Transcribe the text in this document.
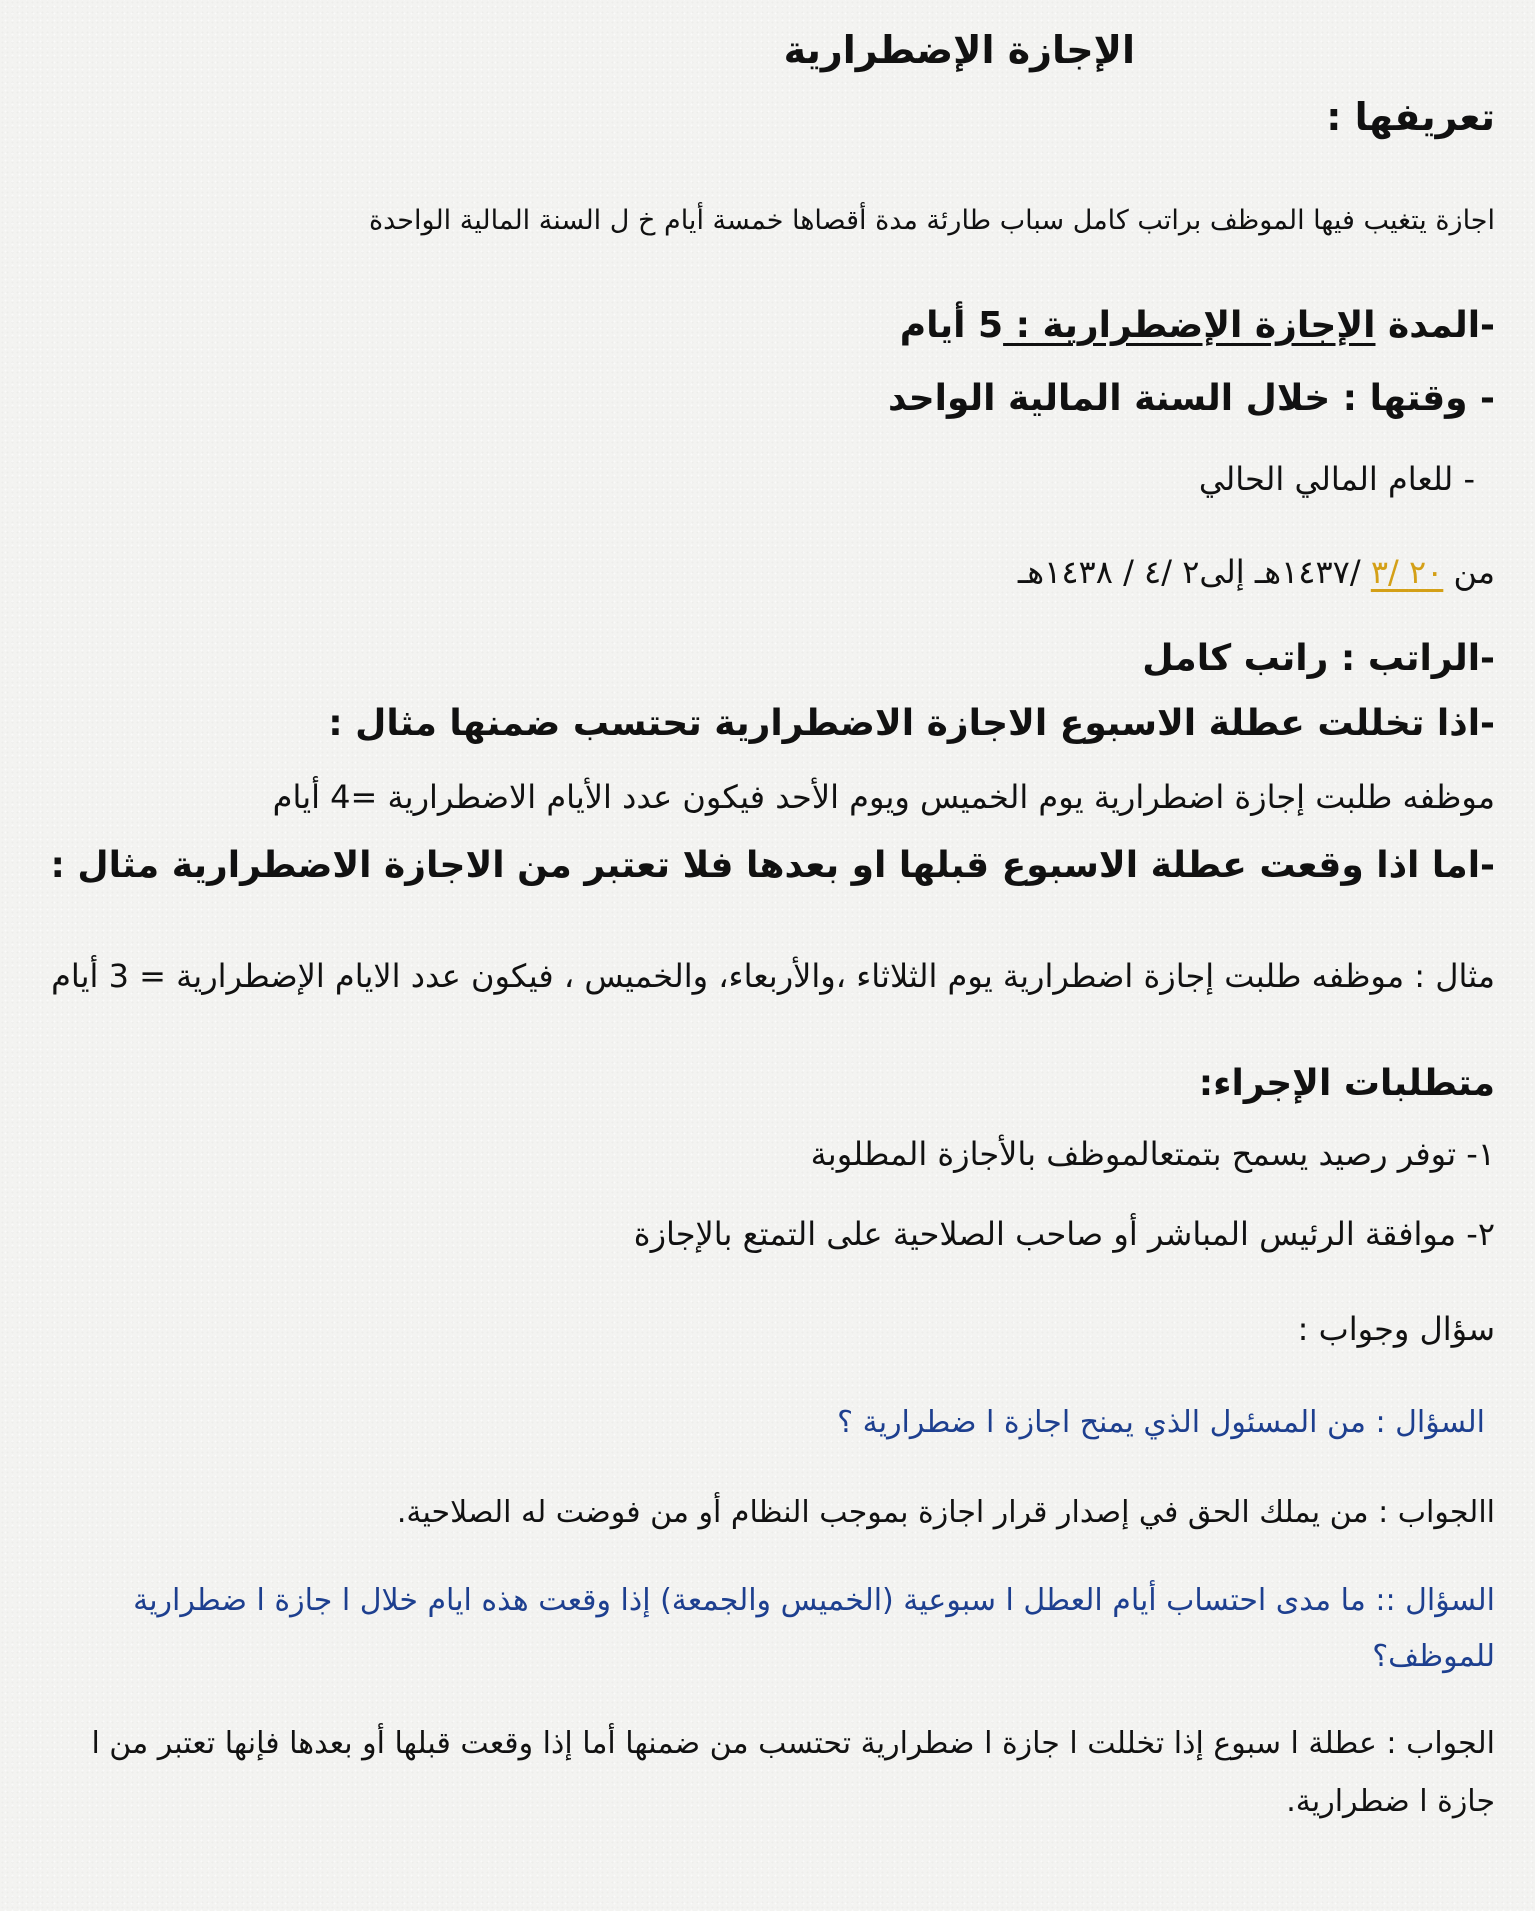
الإجازة الإضطرارية
تعريفها :
اجازة يتغيب فيها الموظف براتب كامل سباب طارئة مدة أقصاها خمسة أيام خ ل السنة المالية الواحدة
-المدة الإجازة الإضطرارية : 5 أيام
- وقتها : خلال السنة المالية الواحد
- للعام المالي الحالي
من ٢٠ /٣ /١٤٣٧هـ إلى٢ /٤ / ١٤٣٨هـ
-الراتب : راتب كامل
-اذا تخللت عطلة الاسبوع الاجازة الاضطرارية تحتسب ضمنها مثال :
موظفه طلبت إجازة اضطرارية يوم الخميس ويوم الأحد فيكون عدد الأيام الاضطرارية =4 أيام
-اما اذا وقعت عطلة الاسبوع قبلها او بعدها فلا تعتبر من الاجازة الاضطرارية مثال :
مثال : موظفه طلبت إجازة اضطرارية يوم الثلاثاء ،والأربعاء، والخميس ، فيكون عدد الايام الإضطرارية = 3 أيام
متطلبات الإجراء:
١- توفر رصيد يسمح بتمتعالموظف بالأجازة المطلوبة
٢- موافقة الرئيس المباشر أو صاحب الصلاحية على التمتع بالإجازة
سؤال وجواب :
السؤال : من المسئول الذي يمنح اجازة ا ضطرارية ؟
االجواب : من يملك الحق في إصدار قرار اجازة بموجب النظام أو من فوضت له الصلاحية.
السؤال :: ما مدى احتساب أيام العطل ا سبوعية (الخميس والجمعة) إذا وقعت هذه ايام خلال ا جازة ا ضطرارية للموظف؟
الجواب : عطلة ا سبوع إذا تخللت ا جازة ا ضطرارية تحتسب من ضمنها أما إذا وقعت قبلها أو بعدها فإنها تعتبر من ا جازة ا ضطرارية.
